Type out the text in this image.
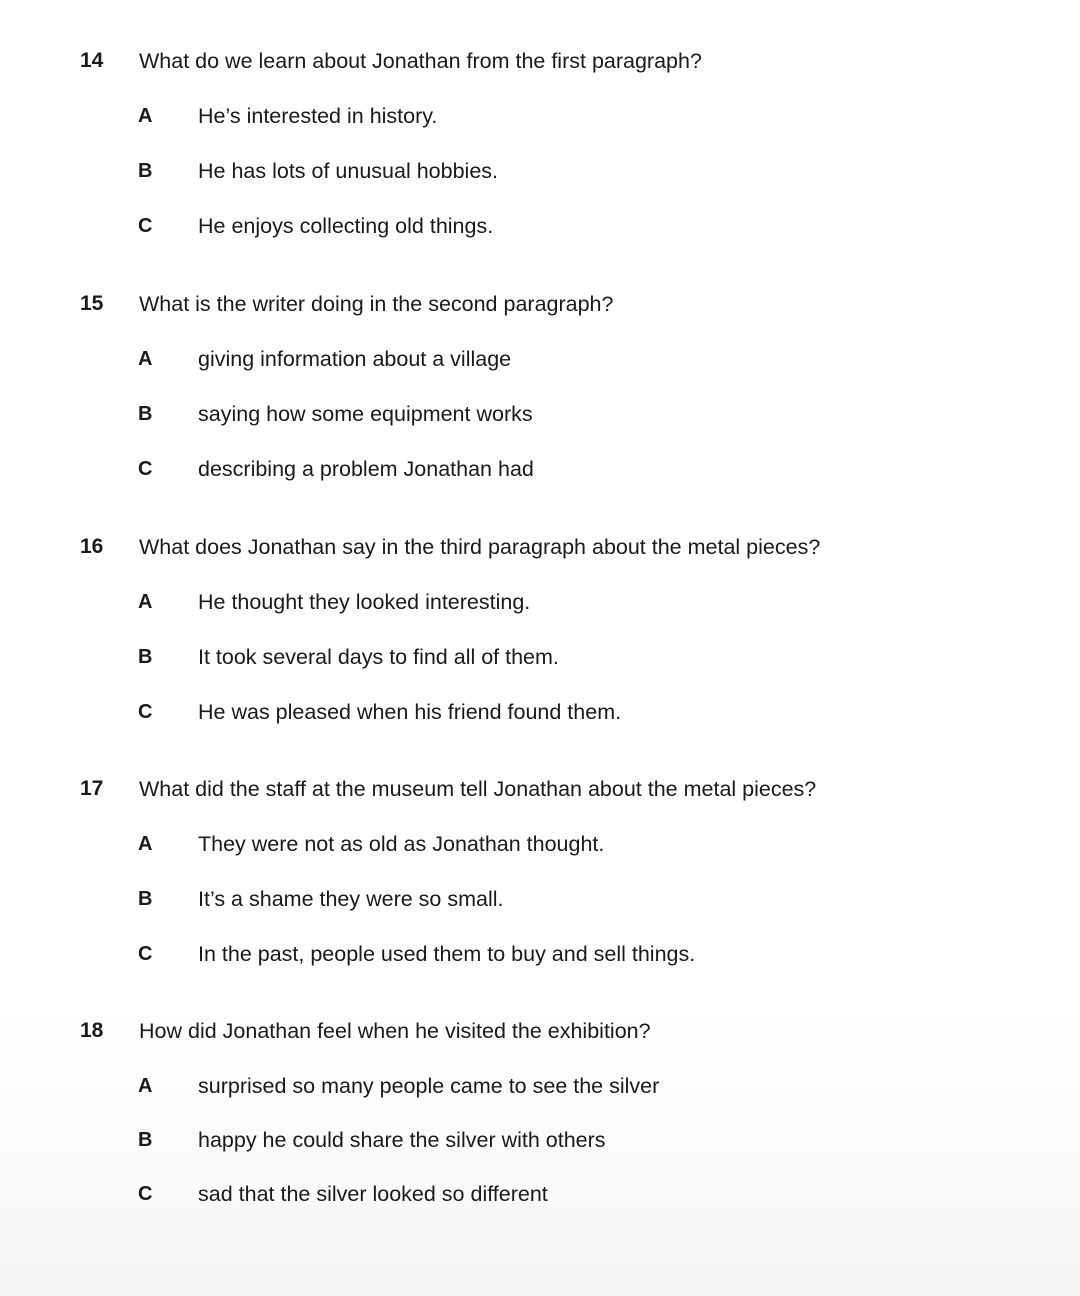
14 What do we learn about Jonathan from the first paragraph?
A He’s interested in history.
B He has lots of unusual hobbies.
C He enjoys collecting old things.
15 What is the writer doing in the second paragraph?
A giving information about a village
B saying how some equipment works
C describing a problem Jonathan had
16 What does Jonathan say in the third paragraph about the metal pieces?
A He thought they looked interesting.
B It took several days to find all of them.
C He was pleased when his friend found them.
17 What did the staff at the museum tell Jonathan about the metal pieces?
A They were not as old as Jonathan thought.
B It’s a shame they were so small.
C In the past, people used them to buy and sell things.
18 How did Jonathan feel when he visited the exhibition?
A surprised so many people came to see the silver
B happy he could share the silver with others
C sad that the silver looked so different
